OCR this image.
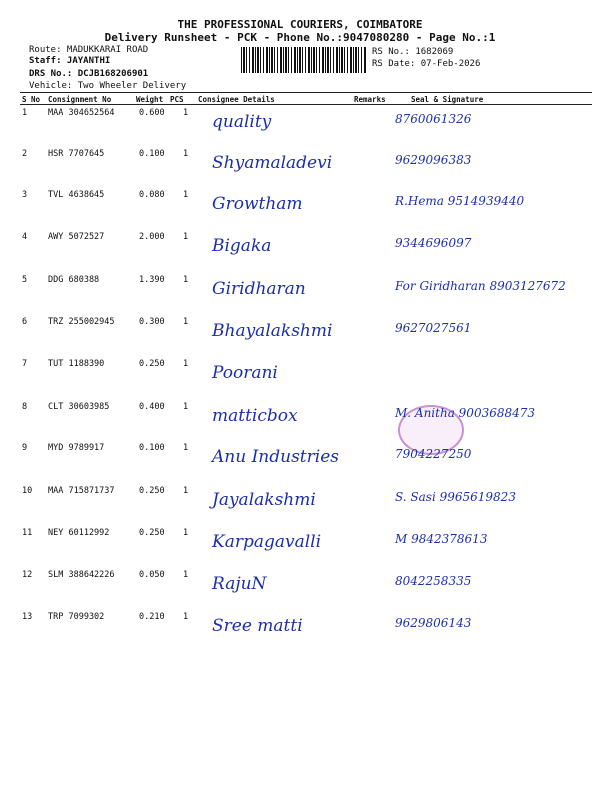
THE PROFESSIONAL COURIERS, COIMBATORE
Delivery Runsheet - PCK - Phone No.:9047080280 - Page No.:1
Route: MADUKKARAI ROAD
Staff: JAYANTHI
DRS No.: DCJB168206901
Vehicle: Two Wheeler Delivery
RS No.: 1682069
RS Date: 07-Feb-2026
S No Consignment No	Weight PCS Consignee Details	Remarks	Seal & Signature
1 MAA 304652564	0.600 1 quality	8760061326
2 HSR 7707645	0.100 1 Shyamaladevi	9629096383
3 TVL 4638645	0.080 1 Growtham	R.Hema 9514939440
4 AWY 5072527	2.000 1 Bigaka	9344696097
5 DDG 680388	1.390 1 Giridharan	For Giridharan 8903127672
6 TRZ 255002945	0.300 1 Bhayalakshmi	9627027561
7 TUT 1188390	0.250 1 Poorani
8 CLT 30603985	0.400 1 matticbox	M. Anitha 9003688473
9 MYD 9789917	0.100 1 Anu Industries	7904227250
10 MAA 715871737	0.250 1 Jayalakshmi	S. Sasi 9965619823
11 NEY 60112992	0.250 1 Karpagavalli	M 9842378613
12 SLM 388642226	0.050 1 RajuN	8042258335
13 TRP 7099302	0.210 1 Sree matti	9629806143
